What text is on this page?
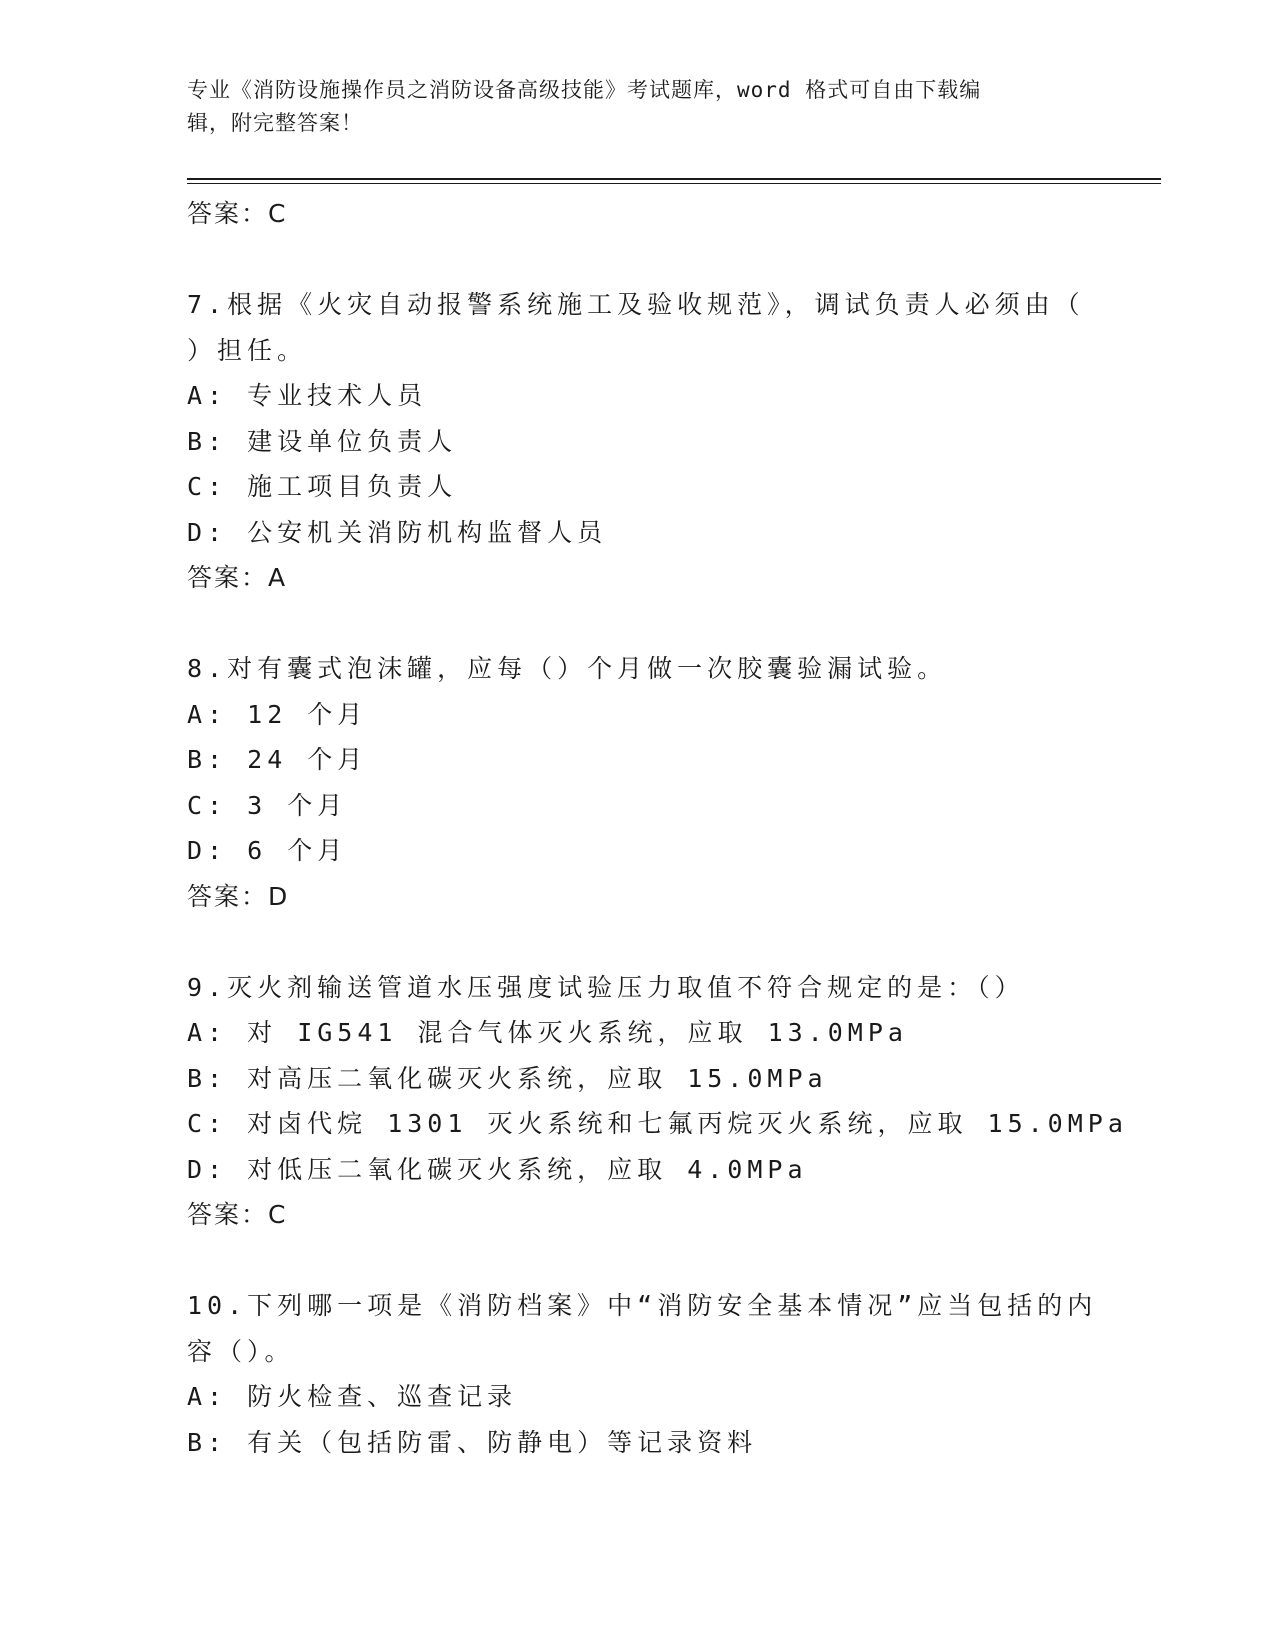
专业《消防设施操作员之消防设备高级技能》考试题库，word 格式可自由下载编
辑，附完整答案！
答案：C
7.根据《火灾自动报警系统施工及验收规范》，调试负责人必须由（
）担任。
A: 专业技术人员
B: 建设单位负责人
C: 施工项目负责人
D: 公安机关消防机构监督人员
答案：A
8.对有囊式泡沫罐，应每（）个月做一次胶囊验漏试验。
A: 12 个月
B: 24 个月
C: 3 个月
D: 6 个月
答案：D
9.灭火剂输送管道水压强度试验压力取值不符合规定的是：（）
A: 对 IG541 混合气体灭火系统，应取 13.0MPa
B: 对高压二氧化碳灭火系统，应取 15.0MPa
C: 对卤代烷 1301 灭火系统和七氟丙烷灭火系统，应取 15.0MPa
D: 对低压二氧化碳灭火系统，应取 4.0MPa
答案：C
10.下列哪一项是《消防档案》中“消防安全基本情况”应当包括的内
容（）。
A: 防火检查、巡查记录
B: 有关（包括防雷、防静电）等记录资料
